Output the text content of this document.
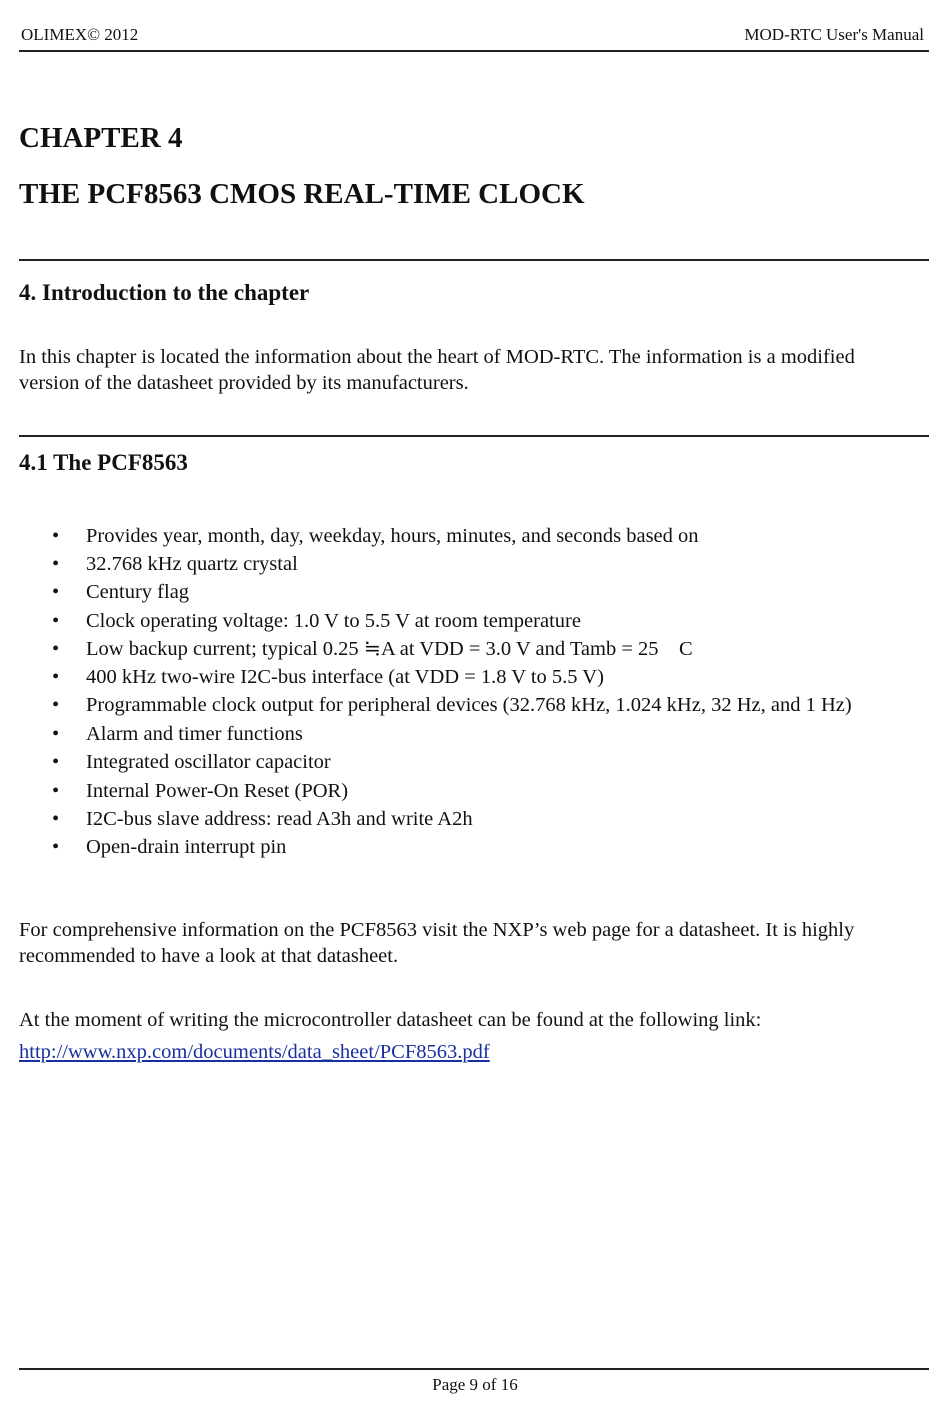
OLIMEX© 2012	MOD-RTC User's Manual
CHAPTER 4
THE PCF8563 CMOS REAL-TIME CLOCK
4. Introduction to the chapter

In this chapter is located the information about the heart of MOD-RTC. The information is a modified version of the datasheet provided by its manufacturers.

4.1 The PCF8563
• Provides year, month, day, weekday, hours, minutes, and seconds based on
• 32.768 kHz quartz crystal
• Century flag
• Clock operating voltage: 1.0 V to 5.5 V at room temperature
• Low backup current; typical 0.25 ≒A at VDD = 3.0 V and Tamb = 25    C
• 400 kHz two-wire I2C-bus interface (at VDD = 1.8 V to 5.5 V)
• Programmable clock output for peripheral devices (32.768 kHz, 1.024 kHz, 32 Hz, and 1 Hz)
• Alarm and timer functions
• Integrated oscillator capacitor
• Internal Power-On Reset (POR)
• I2C-bus slave address: read A3h and write A2h
• Open-drain interrupt pin

For comprehensive information on the PCF8563 visit the NXP’s web page for a datasheet. It is highly recommended to have a look at that datasheet.

At the moment of writing the microcontroller datasheet can be found at the following link:

http://www.nxp.com/documents/data_sheet/PCF8563.pdf
Page 9 of 16
